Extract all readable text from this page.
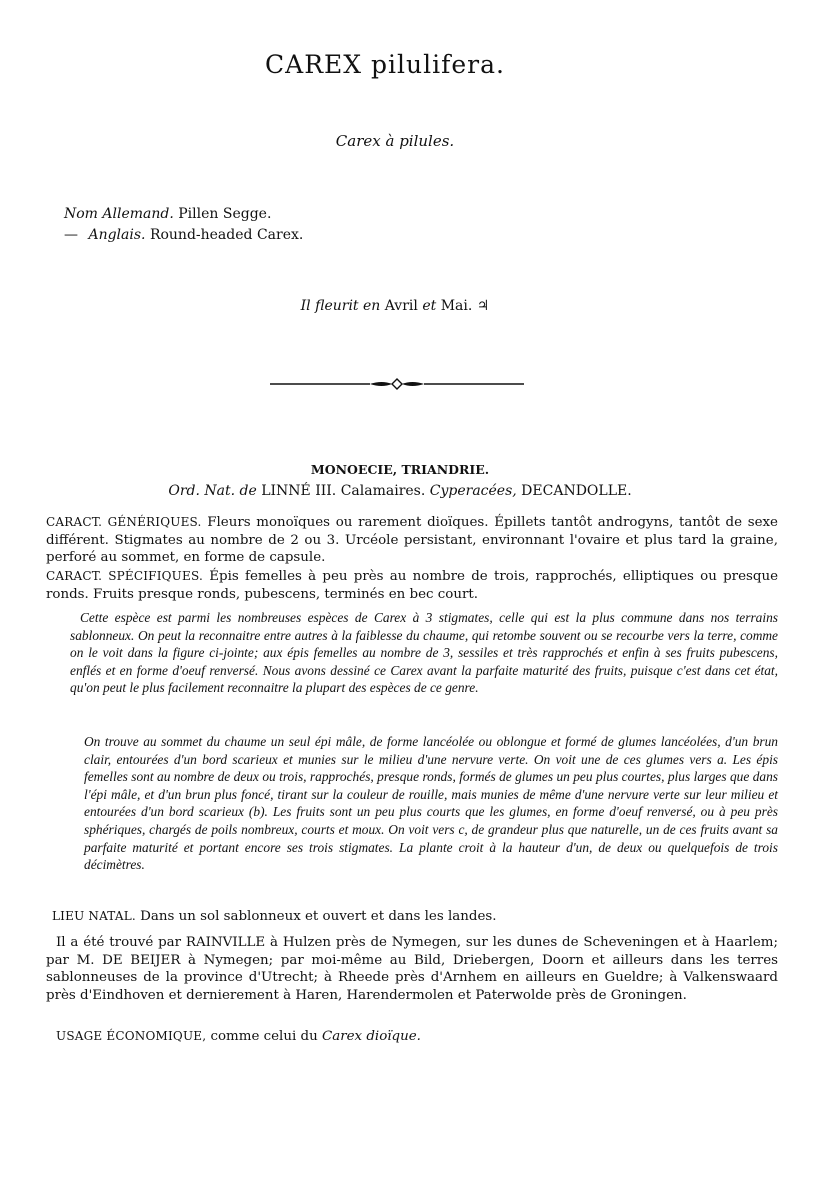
CAREX pilulifera.
Carex à pilules.
Nom Allemand. Pillen Segge.
— Anglais. Round-headed Carex.
Il fleurit en Avril et Mai. ♃
MONOECIE, TRIANDRIE.
Ord. Nat. de LINNÉ III. Calamaires. Cyperacées, DECANDOLLE.
CARACT. GÉNÉRIQUES. Fleurs monoïques ou rarement dioïques. Épillets tantôt androgyns, tantôt de sexe différent. Stigmates au nombre de 2 ou 3. Urcéole persistant, environnant l'ovaire et plus tard la graine, perforé au sommet, en forme de capsule.
CARACT. SPÉCIFIQUES. Épis femelles à peu près au nombre de trois, rapprochés, elliptiques ou presque ronds. Fruits presque ronds, pubescens, terminés en bec court.
Cette espèce est parmi les nombreuses espèces de Carex à 3 stigmates, celle qui est la plus commune dans nos terrains sablonneux. On peut la reconnaitre entre autres à la faiblesse du chaume, qui retombe souvent ou se recourbe vers la terre, comme on le voit dans la figure ci-jointe; aux épis femelles au nombre de 3, sessiles et très rapprochés et enfin à ses fruits pubescens, enflés et en forme d'oeuf renversé. Nous avons dessiné ce Carex avant la parfaite maturité des fruits, puisque c'est dans cet état, qu'on peut le plus facilement reconnaitre la plupart des espèces de ce genre.
On trouve au sommet du chaume un seul épi mâle, de forme lancéolée ou oblongue et formé de glumes lancéolées, d'un brun clair, entourées d'un bord scarieux et munies sur le milieu d'une nervure verte. On voit une de ces glumes vers a. Les épis femelles sont au nombre de deux ou trois, rapprochés, presque ronds, formés de glumes un peu plus courtes, plus larges que dans l'épi mâle, et d'un brun plus foncé, tirant sur la couleur de rouille, mais munies de même d'une nervure verte sur leur milieu et entourées d'un bord scarieux (b). Les fruits sont un peu plus courts que les glumes, en forme d'oeuf renversé, ou à peu près sphériques, chargés de poils nombreux, courts et moux. On voit vers c, de grandeur plus que naturelle, un de ces fruits avant sa parfaite maturité et portant encore ses trois stigmates. La plante croit à la hauteur d'un, de deux ou quelquefois de trois décimètres.
LIEU NATAL. Dans un sol sablonneux et ouvert et dans les landes.
Il a été trouvé par RAINVILLE à Hulzen près de Nymegen, sur les dunes de Scheveningen et à Haarlem; par M. DE BEIJER à Nymegen; par moi-même au Bild, Driebergen, Doorn et ailleurs dans les terres sablonneuses de la province d'Utrecht; à Rheede près d'Arnhem en ailleurs en Gueldre; à Valkenswaard près d'Eindhoven et dernierement à Haren, Harendermolen et Paterwolde près de Groningen.
USAGE ÉCONOMIQUE, comme celui du Carex dioïque.
